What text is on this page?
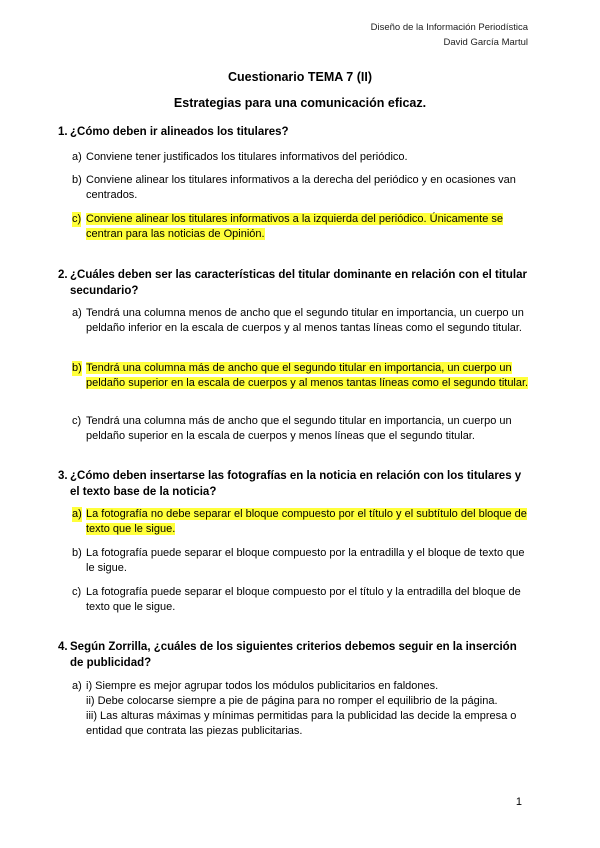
Diseño de la Información Periodística
David García Martul
Cuestionario TEMA 7 (II)
Estrategias para una comunicación eficaz.
1. ¿Cómo deben ir alineados los titulares?
a) Conviene tener justificados los titulares informativos del periódico.
b) Conviene alinear los titulares informativos a la derecha del periódico y en ocasiones van centrados.
c) Conviene alinear los titulares informativos a la izquierda del periódico. Únicamente se centran para las noticias de Opinión.
2. ¿Cuáles deben ser las características del titular dominante en relación con el titular secundario?
a) Tendrá una columna menos de ancho que el segundo titular en importancia, un cuerpo un peldaño inferior en la escala de cuerpos y al menos tantas líneas como el segundo titular.
b) Tendrá una columna más de ancho que el segundo titular en importancia, un cuerpo un peldaño superior en la escala de cuerpos y al menos tantas líneas como el segundo titular.
c) Tendrá una columna más de ancho que el segundo titular en importancia, un cuerpo un peldaño superior en la escala de cuerpos y menos líneas que el segundo titular.
3. ¿Cómo deben insertarse las fotografías en la noticia en relación con los titulares y el texto base de la noticia?
a) La fotografía no debe separar el bloque compuesto por el título y el subtítulo del bloque de texto que le sigue.
b) La fotografía puede separar el bloque compuesto por la entradilla y el bloque de texto que le sigue.
c) La fotografía puede separar el bloque compuesto por el título y la entradilla del bloque de texto que le sigue.
4. Según Zorrilla, ¿cuáles de los siguientes criterios debemos seguir en la inserción de publicidad?
a) i) Siempre es mejor agrupar todos los módulos publicitarios en faldones.
ii) Debe colocarse siempre a pie de página para no romper el equilibrio de la página.
iii) Las alturas máximas y mínimas permitidas para la publicidad las decide la empresa o entidad que contrata las piezas publicitarias.
1
